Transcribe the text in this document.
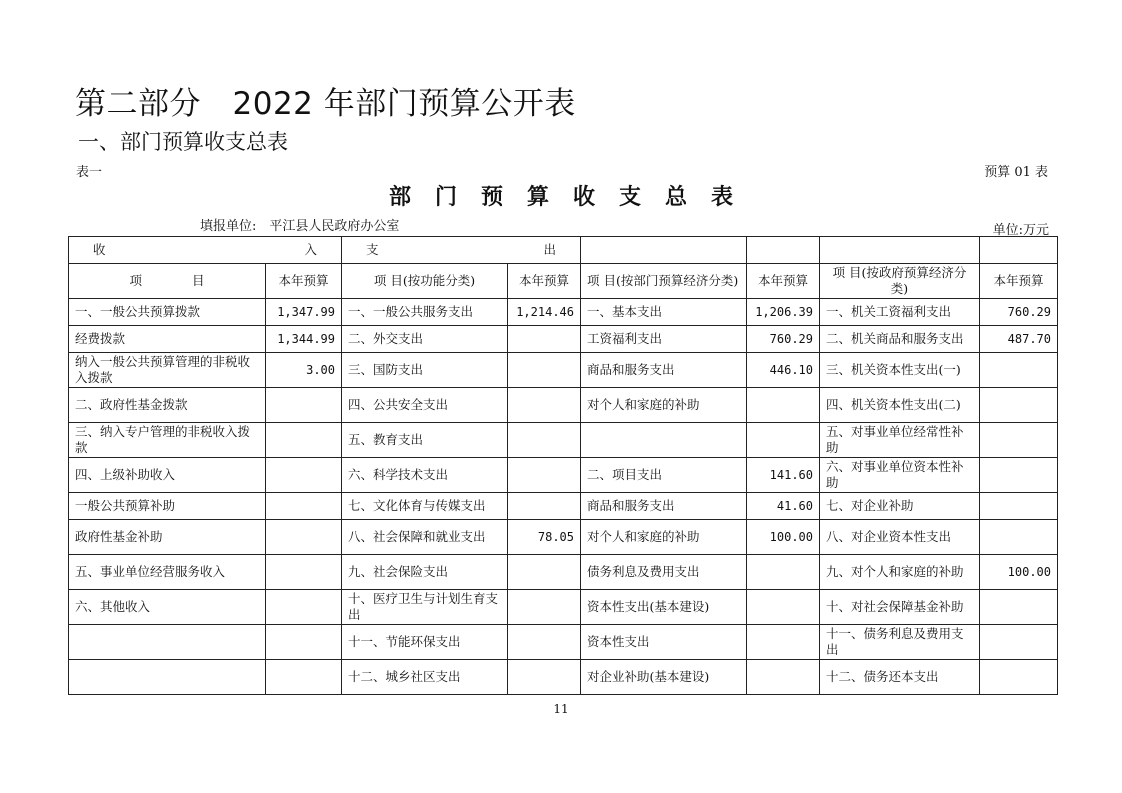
第二部分　2022 年部门预算公开表
一、部门预算收支总表
表一	预算 01 表
部门预算收支总表
填报单位:　平江县人民政府办公室	单位:万元
收 入		支 出					

项　　　　目	本年预算	项 目(按功能分类)	本年预算	项 目(按部门预算经济分类)	本年预算	项 目(按政府预算经济分类)	本年预算
一、一般公共预算拨款	1,347.99	一、一般公共服务支出	1,214.46	一、基本支出	1,206.39	一、机关工资福利支出	760.29
经费拨款	1,344.99	二、外交支出		工资福利支出	760.29	二、机关商品和服务支出	487.70
纳入一般公共预算管理的非税收入拨款	3.00	三、国防支出		商品和服务支出	446.10	三、机关资本性支出(一)	
二、政府性基金拨款		四、公共安全支出		对个人和家庭的补助		四、机关资本性支出(二)	
三、纳入专户管理的非税收入拨款		五、教育支出				五、对事业单位经常性补助	
四、上级补助收入		六、科学技术支出		二、项目支出	141.60	六、对事业单位资本性补助	
一般公共预算补助		七、文化体育与传媒支出		商品和服务支出	41.60	七、对企业补助	
政府性基金补助		八、社会保障和就业支出	78.05	对个人和家庭的补助	100.00	八、对企业资本性支出	
五、事业单位经营服务收入		九、社会保险支出		债务利息及费用支出		九、对个人和家庭的补助	100.00
六、其他收入		十、医疗卫生与计划生育支出		资本性支出(基本建设)		十、对社会保障基金补助	
		十一、节能环保支出		资本性支出		十一、债务利息及费用支出	
		十二、城乡社区支出		对企业补助(基本建设)		十二、债务还本支出	
11
